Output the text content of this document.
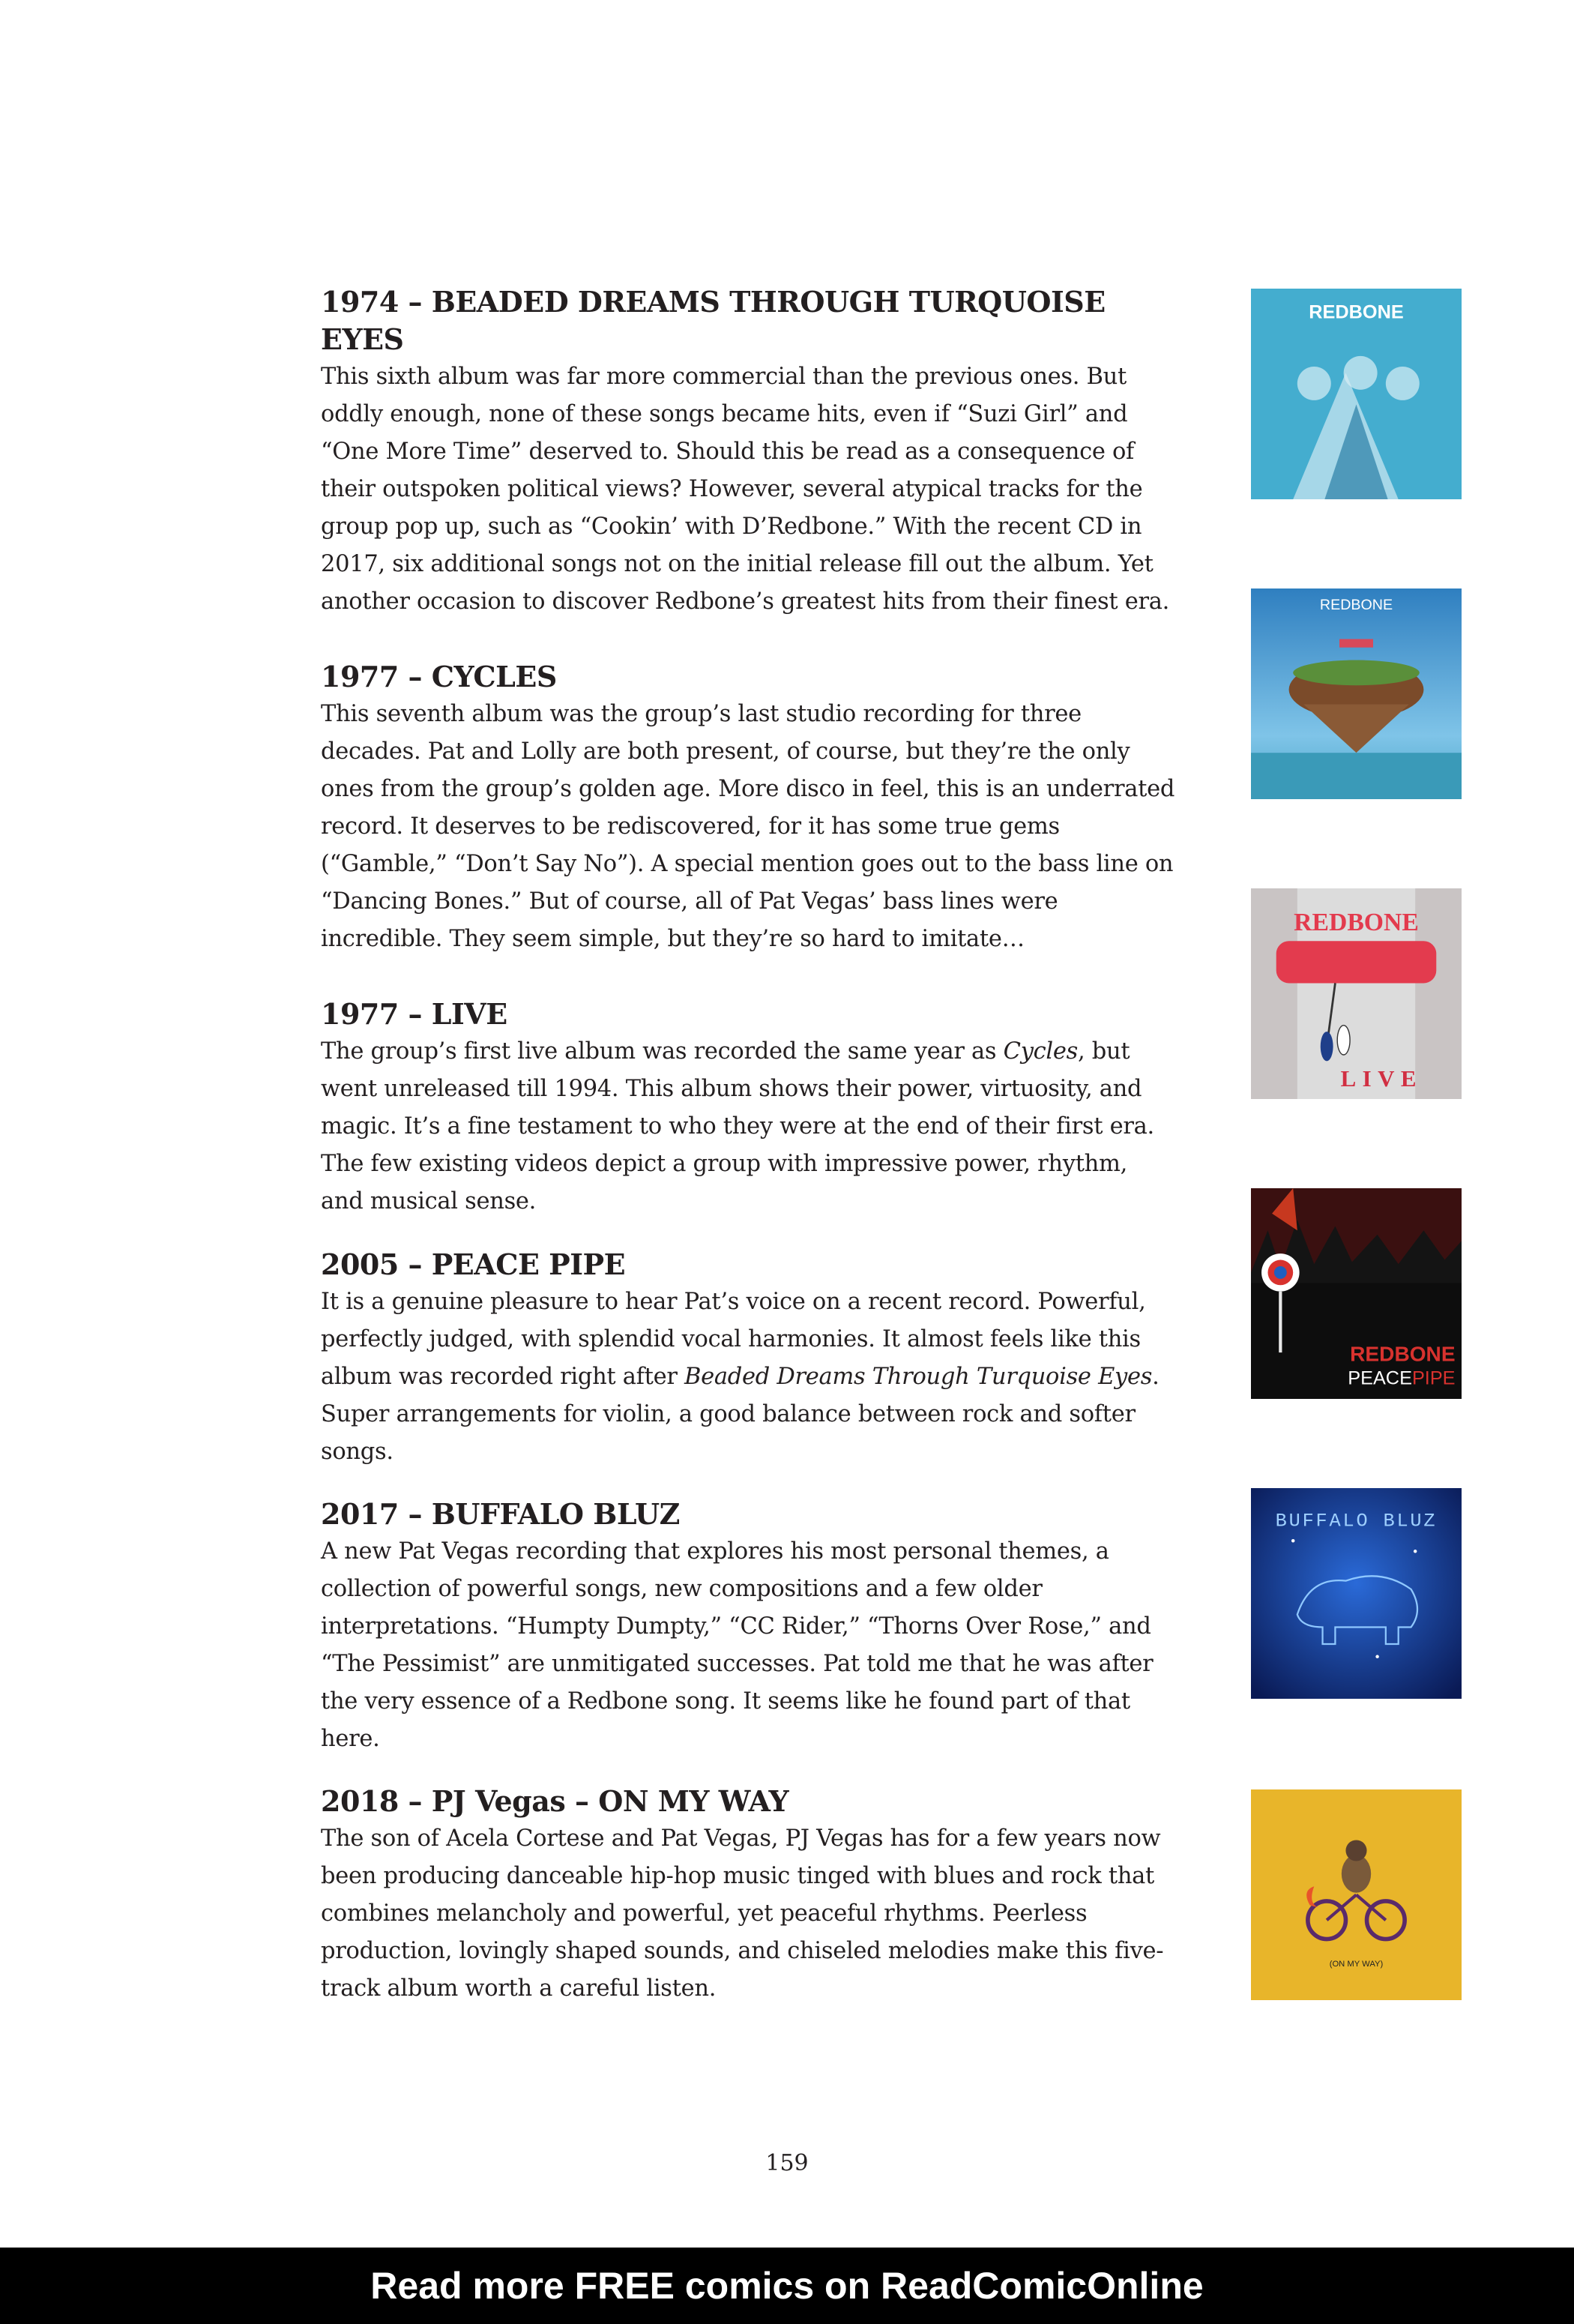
1974 – BEADED DREAMS THROUGH TURQUOISE EYES

This sixth album was far more commercial than the previous ones. But oddly enough, none of these songs became hits, even if “Suzi Girl” and “One More Time” deserved to. Should this be read as a consequence of their outspoken political views? However, several atypical tracks for the group pop up, such as “Cookin’ with D’Redbone.” With the recent CD in 2017, six additional songs not on the initial release fill out the album. Yet another occasion to discover Redbone’s greatest hits from their finest era.

REDBONE
1977 – CYCLES

This seventh album was the group’s last studio recording for three decades. Pat and Lolly are both present, of course, but they’re the only ones from the group’s golden age. More disco in feel, this is an underrated record. It deserves to be rediscovered, for it has some true gems (“Gamble,” “Don’t Say No”). A special mention goes out to the bass line on “Dancing Bones.” But of course, all of Pat Vegas’ bass lines were incredible. They seem simple, but they’re so hard to imitate…

REDBONE
1977 – LIVE

The group’s first live album was recorded the same year as Cycles, but went unreleased till 1994. This album shows their power, virtuosity, and magic. It’s a fine testament to who they were at the end of their first era. The few existing videos depict a group with impressive power, rhythm, and musical sense.

REDBONE
LIVE
2005 – PEACE PIPE

It is a genuine pleasure to hear Pat’s voice on a recent record. Powerful, perfectly judged, with splendid vocal harmonies. It almost feels like this album was recorded right after Beaded Dreams Through Turquoise Eyes. Super arrangements for violin, a good balance between rock and softer songs.

REDBONE
PEACEPIPE
2017 – BUFFALO BLUZ

A new Pat Vegas recording that explores his most personal themes, a collection of powerful songs, new compositions and a few older interpretations. “Humpty Dumpty,” “CC Rider,” “Thorns Over Rose,” and “The Pessimist” are unmitigated successes. Pat told me that he was after the very essence of a Redbone song. It seems like he found part of that here.

BUFFALO BLUZ
2018 – PJ Vegas – ON MY WAY

The son of Acela Cortese and Pat Vegas, PJ Vegas has for a few years now been producing danceable hip-hop music tinged with blues and rock that combines melancholy and powerful, yet peaceful rhythms. Peerless production, lovingly shaped sounds, and chiseled melodies make this five-track album worth a careful listen.

(ON MY WAY)
159
Read more FREE comics on ReadComicOnline
